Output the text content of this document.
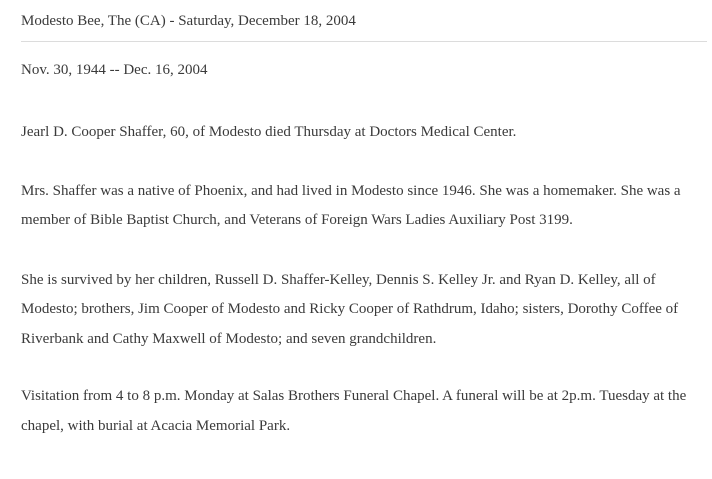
Modesto Bee, The (CA) - Saturday, December 18, 2004
Nov. 30, 1944 -- Dec. 16, 2004
Jearl D. Cooper Shaffer, 60, of Modesto died Thursday at Doctors Medical Center.
Mrs. Shaffer was a native of Phoenix, and had lived in Modesto since 1946. She was a homemaker. She was a member of Bible Baptist Church, and Veterans of Foreign Wars Ladies Auxiliary Post 3199.
She is survived by her children, Russell D. Shaffer-Kelley, Dennis S. Kelley Jr. and Ryan D. Kelley, all of Modesto; brothers, Jim Cooper of Modesto and Ricky Cooper of Rathdrum, Idaho; sisters, Dorothy Coffee of Riverbank and Cathy Maxwell of Modesto; and seven grandchildren.
Visitation from 4 to 8 p.m. Monday at Salas Brothers Funeral Chapel. A funeral will be at 2p.m. Tuesday at the chapel, with burial at Acacia Memorial Park.
